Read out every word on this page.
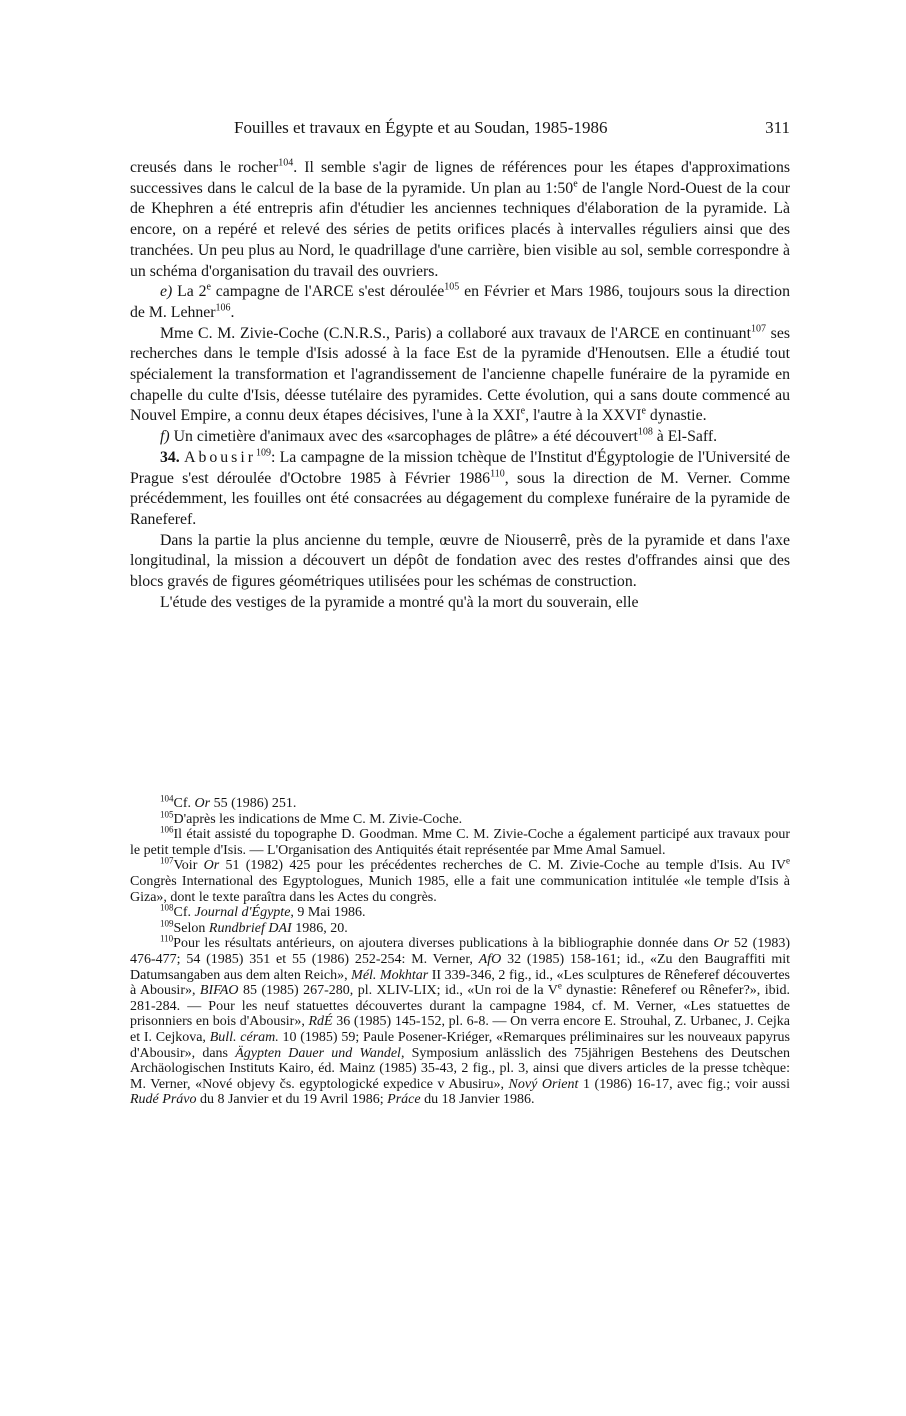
Fouilles et travaux en Égypte et au Soudan, 1985-1986	311

creusés dans le rocher$^{104}$. Il semble s'agir de lignes de références pour les étapes d'approximations successives dans le calcul de la base de la pyramide. Un plan au 1:50e de l'angle Nord-Ouest de la cour de Khephren a été entrepris afin d'étudier les anciennes techniques d'élaboration de la pyramide. Là encore, on a repéré et relevé des séries de petits orifices placés à intervalles réguliers ainsi que des tranchées. Un peu plus au Nord, le quadrillage d'une carrière, bien visible au sol, semble correspondre à un schéma d'organisation du travail des ouvriers.

e) La 2e campagne de l'ARCE s'est déroulée$^{105}$ en Février et Mars 1986, toujours sous la direction de M. Lehner$^{106}$.

Mme C. M. Zivie-Coche (C.N.R.S., Paris) a collaboré aux travaux de l'ARCE en continuant$^{107}$ ses recherches dans le temple d'Isis adossé à la face Est de la pyramide d'Henoutsen. Elle a étudié tout spécialement la transformation et l'agrandissement de l'ancienne chapelle funéraire de la pyramide en chapelle du culte d'Isis, déesse tutélaire des pyramides. Cette évolution, qui a sans doute commencé au Nouvel Empire, a connu deux étapes décisives, l'une à la XXIe, l'autre à la XXVIe dynastie.

f) Un cimetière d'animaux avec des «sarcophages de plâtre» a été découvert$^{108}$ à El-Saff.

34. Abousir$^{109}$: La campagne de la mission tchèque de l'Institut d'Égyptologie de l'Université de Prague s'est déroulée d'Octobre 1985 à Février 1986$^{110}$, sous la direction de M. Verner. Comme précédemment, les fouilles ont été consacrées au dégagement du complexe funéraire de la pyramide de Raneferef.

Dans la partie la plus ancienne du temple, œuvre de Niouserrê, près de la pyramide et dans l'axe longitudinal, la mission a découvert un dépôt de fondation avec des restes d'offrandes ainsi que des blocs gravés de figures géométriques utilisées pour les schémas de construction.

L'étude des vestiges de la pyramide a montré qu'à la mort du souverain, elle

$^{104}$Cf. Or 55 (1986) 251.

$^{105}$D'après les indications de Mme C. M. Zivie-Coche.

$^{106}$Il était assisté du topographe D. Goodman. Mme C. M. Zivie-Coche a également participé aux travaux pour le petit temple d'Isis. — L'Organisation des Antiquités était représentée par Mme Amal Samuel.

$^{107}$Voir Or 51 (1982) 425 pour les précédentes recherches de C. M. Zivie-Coche au temple d'Isis. Au IVe Congrès International des Egyptologues, Munich 1985, elle a fait une communication intitulée «le temple d'Isis à Giza», dont le texte paraîtra dans les Actes du congrès.

$^{108}$Cf. Journal d'Égypte, 9 Mai 1986.

$^{109}$Selon Rundbrief DAI 1986, 20.

$^{110}$Pour les résultats antérieurs, on ajoutera diverses publications à la bibliographie donnée dans Or 52 (1983) 476-477; 54 (1985) 351 et 55 (1986) 252-254: M. Verner, AfO 32 (1985) 158-161; id., «Zu den Baugraffiti mit Datumsangaben aus dem alten Reich», Mél. Mokhtar II 339-346, 2 fig., id., «Les sculptures de Rêneferef découvertes à Abousir», BIFAO 85 (1985) 267-280, pl. XLIV-LIX; id., «Un roi de la Ve dynastie: Rêneferef ou Rênefer?», ibid. 281-284. — Pour les neuf statuettes découvertes durant la campagne 1984, cf. M. Verner, «Les statuettes de prisonniers en bois d'Abousir», RdÉ 36 (1985) 145-152, pl. 6-8. — On verra encore E. Strouhal, Z. Urbanec, J. Cejka et I. Cejkova, Bull. céram. 10 (1985) 59; Paule Posener-Kriéger, «Remarques préliminaires sur les nouveaux papyrus d'Abousir», dans Ägypten Dauer und Wandel, Symposium anlässlich des 75jährigen Bestehens des Deutschen Archäologischen Instituts Kairo, éd. Mainz (1985) 35-43, 2 fig., pl. 3, ainsi que divers articles de la presse tchèque: M. Verner, «Nové objevy čs. egyptologické expedice v Abusiru», Nový Orient 1 (1986) 16-17, avec fig.; voir aussi Rudé Právo du 8 Janvier et du 19 Avril 1986; Práce du 18 Janvier 1986.
